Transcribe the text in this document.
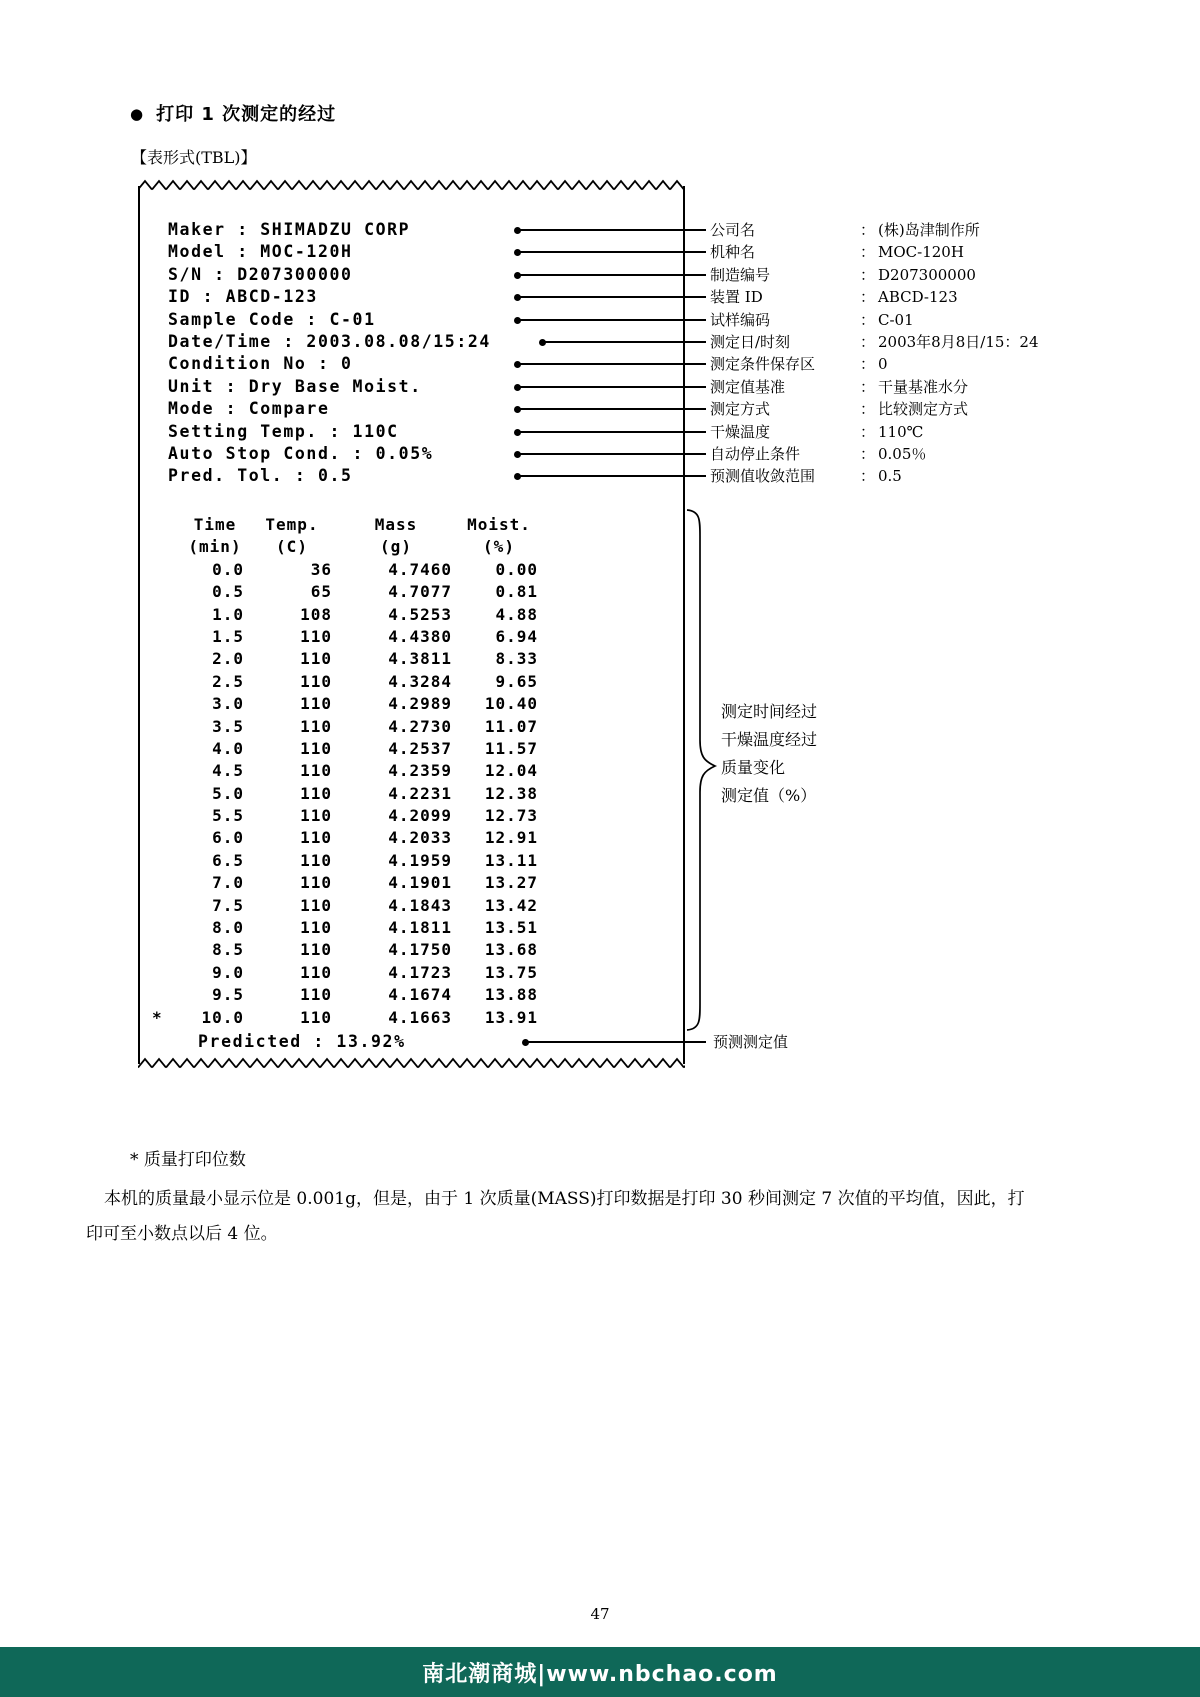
● 打印 1 次测定的经过
【表形式(TBL)】
Maker : SHIMADZU CORP
Model : MOC-120H
S/N : D207300000
ID : ABCD-123
Sample Code : C-01
Date/Time : 2003.08.08/15:24
Condition No : 0
Unit : Dry Base Moist.
Mode : Compare
Setting Temp. : 110C
Auto Stop Cond. : 0.05%
Pred. Tol. : 0.5
Time	Temp.	Mass	Moist.
(min)	(C)	(g)	(%)
0.0	36	4.7460	0.00
0.5	65	4.7077	0.81
1.0	108	4.5253	4.88
1.5	110	4.4380	6.94
2.0	110	4.3811	8.33
2.5	110	4.3284	9.65
3.0	110	4.2989	10.40
3.5	110	4.2730	11.07
4.0	110	4.2537	11.57
4.5	110	4.2359	12.04
5.0	110	4.2231	12.38
5.5	110	4.2099	12.73
6.0	110	4.2033	12.91
6.5	110	4.1959	13.11
7.0	110	4.1901	13.27
7.5	110	4.1843	13.42
8.0	110	4.1811	13.51
8.5	110	4.1750	13.68
9.0	110	4.1723	13.75
9.5	110	4.1674	13.88
*	10.0	110	4.1663	13.91
Predicted : 13.92%
公司名	： (株)岛津制作所
机种名	： MOC-120H
制造编号	： D207300000
装置 ID	： ABCD-123
试样编码	： C-01
测定日/时刻	： 2003年8月8日/15：24
测定条件保存区	： 0
测定值基准	： 干量基准水分
测定方式	： 比较测定方式
干燥温度	： 110℃
自动停止条件	： 0.05％
预测值收敛范围	： 0.5
测定时间经过
干燥温度经过
质量变化
测定值（%）
预测测定值
* 质量打印位数
本机的质量最小显示位是 0.001g，但是，由于 1 次质量(MASS)打印数据是打印 30 秒间测定 7 次值的平均值，因此，打印可至小数点以后 4 位。
47
南北潮商城|www.nbchao.com
